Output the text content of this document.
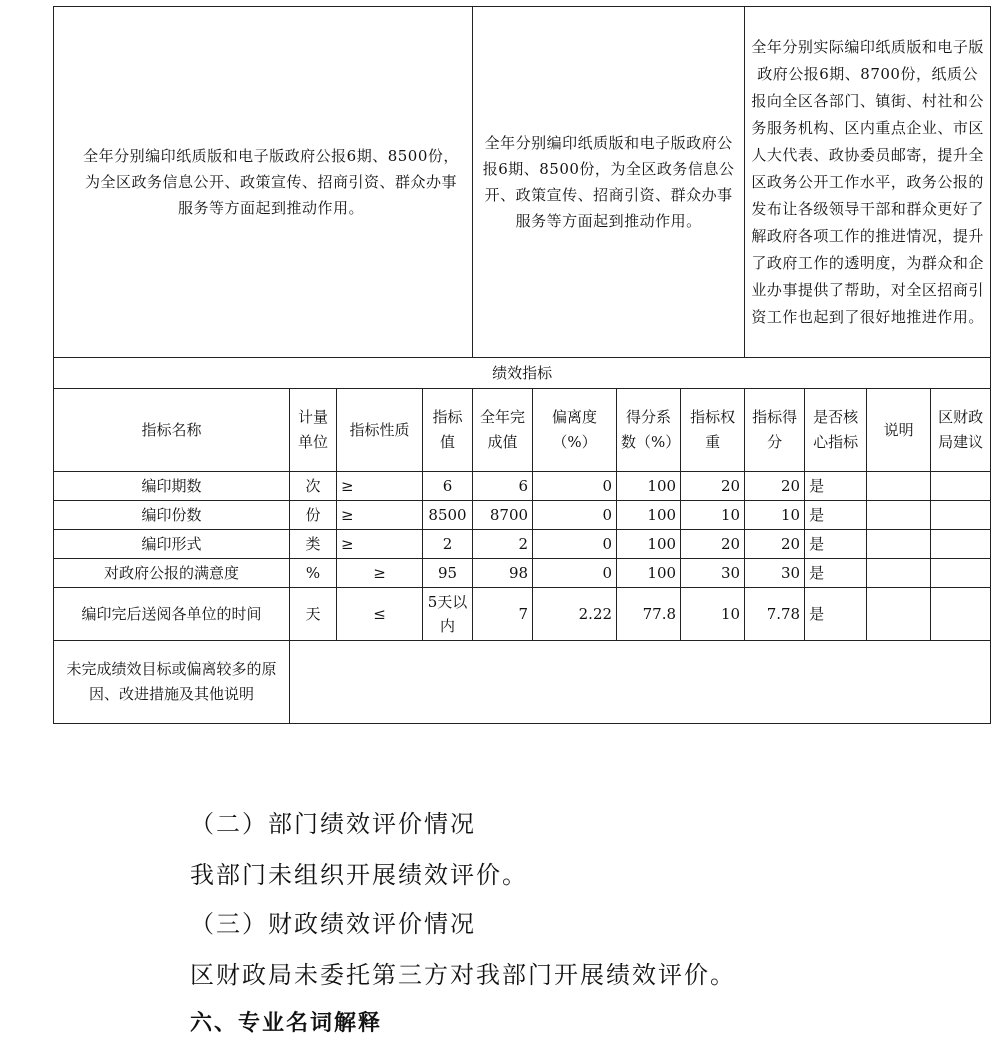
全年分别编印纸质版和电子版政府公报6期、8500份，为全区政务信息公开、政策宣传、招商引资、群众办事服务等方面起到推动作用。				全年分别编印纸质版和电子版政府公报6期、8500份，为全区政务信息公开、政策宣传、招商引资、群众办事服务等方面起到推动作用。				全年分别实际编印纸质版和电子版政府公报6期、8700份，纸质公报向全区各部门、镇街、村社和公务服务机构、区内重点企业、市区人大代表、政协委员邮寄，提升全区政务公开工作水平，政务公报的发布让各级领导干部和群众更好了解政府各项工作的推进情况，提升了政府工作的透明度，为群众和企业办事提供了帮助，对全区招商引资工作也起到了很好地推进作用。			
绩效指标											
指标名称	计量单位	指标性质	指标值	全年完成值	偏离度（%）	得分系数（%）	指标权重	指标得分	是否核心指标	说明	区财政局建议
编印期数	次	≥	6	6	0	100	20	20	是		
编印份数	份	≥	8500	8700	0	100	10	10	是		
编印形式	类	≥	2	2	0	100	20	20	是		
对政府公报的满意度	%	≥	95	98	0	100	30	30	是		
编印完后送阅各单位的时间	天	≤	5天以内	7	2.22	77.8	10	7.78	是		
未完成绩效目标或偏离较多的原因、改进措施及其他说明											

（二）部门绩效评价情况

我部门未组织开展绩效评价。

（三）财政绩效评价情况

区财政局未委托第三方对我部门开展绩效评价。

六、专业名词解释
